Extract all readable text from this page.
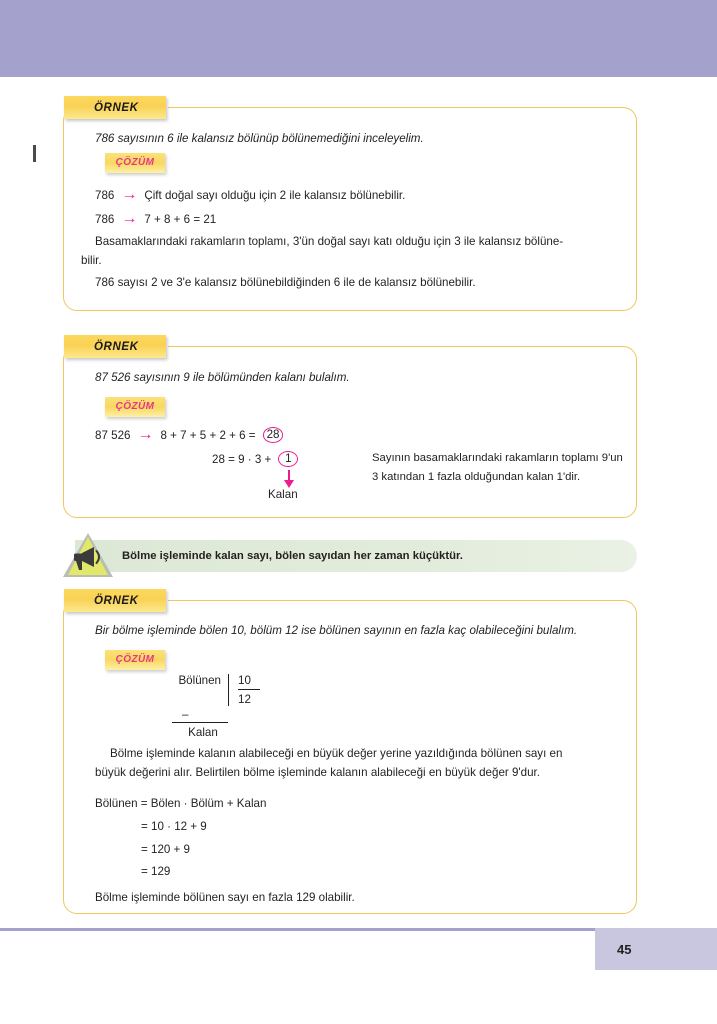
ÖRNEK
786 sayısının 6 ile kalansız bölünüp bölünemediğini inceleyelim.
ÇÖZÜM
786 → Çift doğal sayı olduğu için 2 ile kalansız bölünebilir.
786 → 7 + 8 + 6 = 21
Basamaklarındaki rakamların toplamı, 3'ün doğal sayı katı olduğu için 3 ile kalansız bölüne-
bilir.
786 sayısı 2 ve 3'e kalansız bölünebildiğinden 6 ile de kalansız bölünebilir.
ÖRNEK
87 526 sayısının 9 ile bölümünden kalanı bulalım.
ÇÖZÜM
87 526 → 8 + 7 + 5 + 2 + 6 = 28
28 = 9 · 3 +	1
Kalan
Sayının basamaklarındaki rakamların toplamı 9'un
3 katından 1 fazla olduğundan kalan 1'dir.
Bölme işleminde kalan sayı, bölen sayıdan her zaman küçüktür.
ÖRNEK
Bir bölme işleminde bölen 10, bölüm 12 ise bölünen sayının en fazla kaç olabileceğini bulalım.
ÇÖZÜM
Bölünen	10
12
–
Kalan
Bölme işleminde kalanın alabileceği en büyük değer yerine yazıldığında bölünen sayı en
büyük değerini alır. Belirtilen bölme işleminde kalanın alabileceği en büyük değer 9'dur.
Bölünen = Bölen · Bölüm + Kalan
= 10 · 12 + 9
= 120 + 9
= 129
Bölme işleminde bölünen sayı en fazla 129 olabilir.
45
